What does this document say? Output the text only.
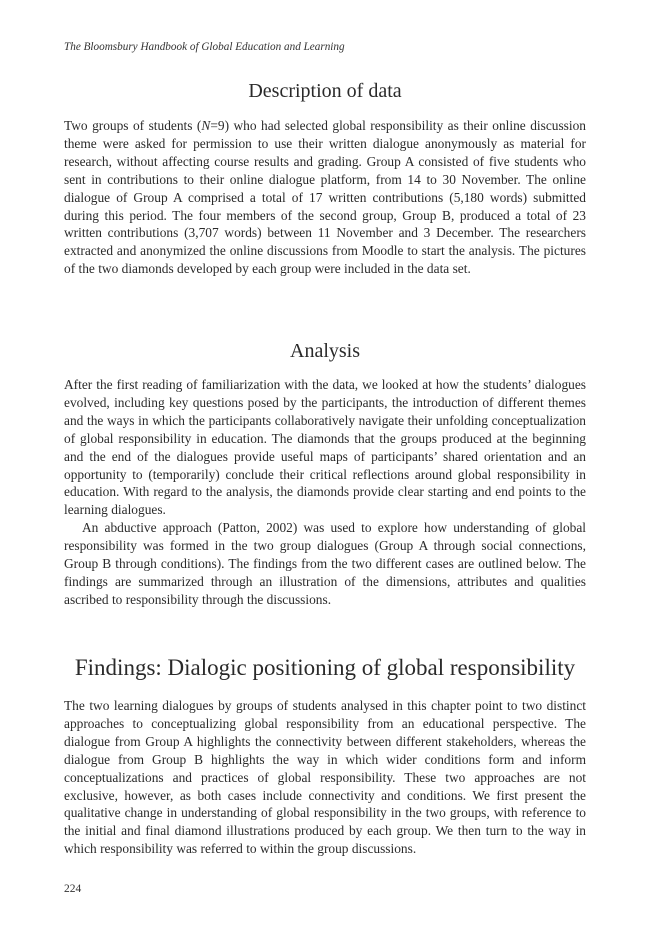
The Bloomsbury Handbook of Global Education and Learning
Description of data

Two groups of students (N=9) who had selected global responsibility as their online discussion theme were asked for permission to use their written dialogue anonymously as material for research, without affecting course results and grading. Group A consisted of five students who sent in contributions to their online dialogue platform, from 14 to 30 November. The online dialogue of Group A comprised a total of 17 written contributions (5,180 words) submitted during this period. The four members of the second group, Group B, produced a total of 23 written contributions (3,707 words) between 11 November and 3 December. The researchers extracted and anonymized the online discussions from Moodle to start the analysis. The pictures of the two diamonds developed by each group were included in the data set.

Analysis

After the first reading of familiarization with the data, we looked at how the students’ dialogues evolved, including key questions posed by the participants, the introduction of different themes and the ways in which the participants collaboratively navigate their unfolding conceptualization of global responsibility in education. The diamonds that the groups produced at the beginning and the end of the dialogues provide useful maps of participants’ shared orientation and an opportunity to (temporarily) conclude their critical reflections around global responsibility in education. With regard to the analysis, the diamonds provide clear starting and end points to the learning dialogues.

An abductive approach (Patton, 2002) was used to explore how understanding of global responsibility was formed in the two group dialogues (Group A through social connections, Group B through conditions). The findings from the two different cases are outlined below. The findings are summarized through an illustration of the dimensions, attributes and qualities ascribed to responsibility through the discussions.

Findings: Dialogic positioning of global responsibility

The two learning dialogues by groups of students analysed in this chapter point to two distinct approaches to conceptualizing global responsibility from an educational perspective. The dialogue from Group A highlights the connectivity between different stakeholders, whereas the dialogue from Group B highlights the way in which wider conditions form and inform conceptualizations and practices of global responsibility. These two approaches are not exclusive, however, as both cases include connectivity and conditions. We first present the qualitative change in understanding of global responsibility in the two groups, with reference to the initial and final diamond illustrations produced by each group. We then turn to the way in which responsibility was referred to within the group discussions.

224
